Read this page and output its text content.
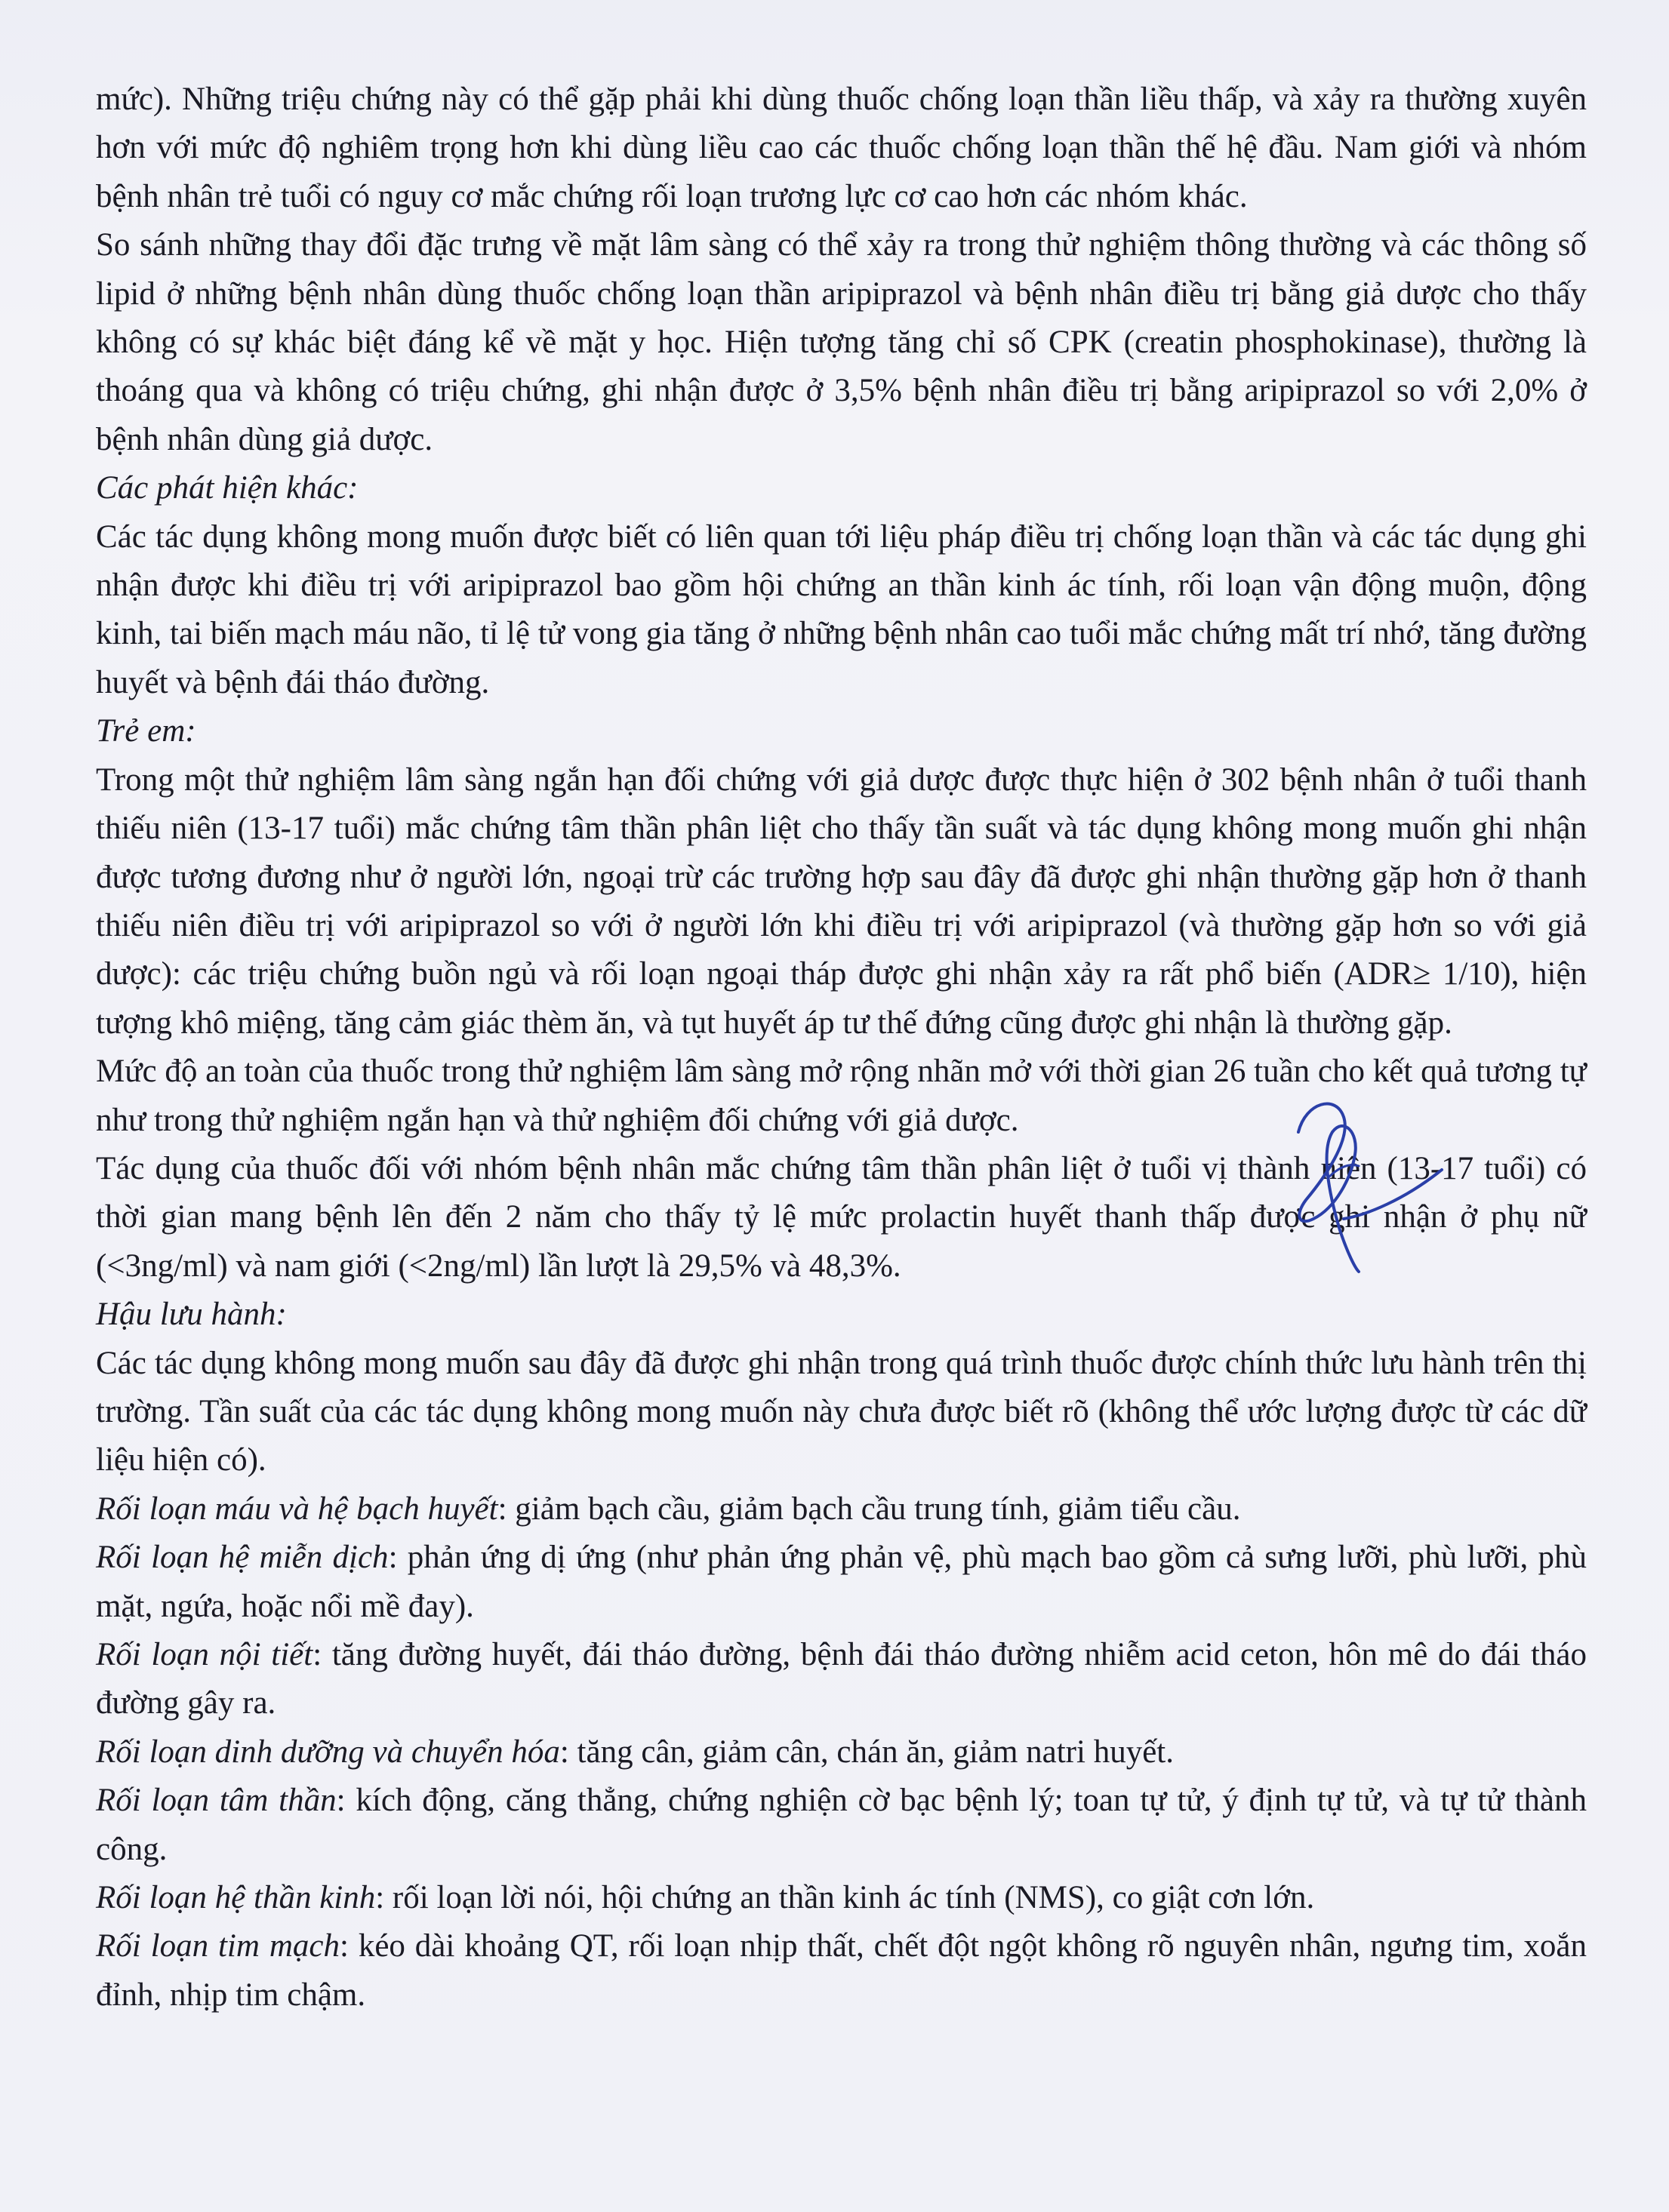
mức). Những triệu chứng này có thể gặp phải khi dùng thuốc chống loạn thần liều thấp, và xảy ra thường xuyên hơn với mức độ nghiêm trọng hơn khi dùng liều cao các thuốc chống loạn thần thế hệ đầu. Nam giới và nhóm bệnh nhân trẻ tuổi có nguy cơ mắc chứng rối loạn trương lực cơ cao hơn các nhóm khác.

So sánh những thay đổi đặc trưng về mặt lâm sàng có thể xảy ra trong thử nghiệm thông thường và các thông số lipid ở những bệnh nhân dùng thuốc chống loạn thần aripiprazol và bệnh nhân điều trị bằng giả dược cho thấy không có sự khác biệt đáng kể về mặt y học. Hiện tượng tăng chỉ số CPK (creatin phosphokinase), thường là thoáng qua và không có triệu chứng, ghi nhận được ở 3,5% bệnh nhân điều trị bằng aripiprazol so với 2,0% ở bệnh nhân dùng giả dược.

Các phát hiện khác:

Các tác dụng không mong muốn được biết có liên quan tới liệu pháp điều trị chống loạn thần và các tác dụng ghi nhận được khi điều trị với aripiprazol bao gồm hội chứng an thần kinh ác tính, rối loạn vận động muộn, động kinh, tai biến mạch máu não, tỉ lệ tử vong gia tăng ở những bệnh nhân cao tuổi mắc chứng mất trí nhớ, tăng đường huyết và bệnh đái tháo đường.

Trẻ em:

Trong một thử nghiệm lâm sàng ngắn hạn đối chứng với giả dược được thực hiện ở 302 bệnh nhân ở tuổi thanh thiếu niên (13-17 tuổi) mắc chứng tâm thần phân liệt cho thấy tần suất và tác dụng không mong muốn ghi nhận được tương đương như ở người lớn, ngoại trừ các trường hợp sau đây đã được ghi nhận thường gặp hơn ở thanh thiếu niên điều trị với aripiprazol so với ở người lớn khi điều trị với aripiprazol (và thường gặp hơn so với giả dược): các triệu chứng buồn ngủ và rối loạn ngoại tháp được ghi nhận xảy ra rất phổ biến (ADR≥ 1/10), hiện tượng khô miệng, tăng cảm giác thèm ăn, và tụt huyết áp tư thế đứng cũng được ghi nhận là thường gặp.

Mức độ an toàn của thuốc trong thử nghiệm lâm sàng mở rộng nhãn mở với thời gian 26 tuần cho kết quả tương tự như trong thử nghiệm ngắn hạn và thử nghiệm đối chứng với giả dược.

Tác dụng của thuốc đối với nhóm bệnh nhân mắc chứng tâm thần phân liệt ở tuổi vị thành niên (13-17 tuổi) có thời gian mang bệnh lên đến 2 năm cho thấy tỷ lệ mức prolactin huyết thanh thấp được ghi nhận ở phụ nữ (<3ng/ml) và nam giới (<2ng/ml) lần lượt là 29,5% và 48,3%.

Hậu lưu hành:

Các tác dụng không mong muốn sau đây đã được ghi nhận trong quá trình thuốc được chính thức lưu hành trên thị trường. Tần suất của các tác dụng không mong muốn này chưa được biết rõ (không thể ước lượng được từ các dữ liệu hiện có).

Rối loạn máu và hệ bạch huyết: giảm bạch cầu, giảm bạch cầu trung tính, giảm tiểu cầu.

Rối loạn hệ miễn dịch: phản ứng dị ứng (như phản ứng phản vệ, phù mạch bao gồm cả sưng lưỡi, phù lưỡi, phù mặt, ngứa, hoặc nổi mề đay).

Rối loạn nội tiết: tăng đường huyết, đái tháo đường, bệnh đái tháo đường nhiễm acid ceton, hôn mê do đái tháo đường gây ra.

Rối loạn dinh dưỡng và chuyển hóa: tăng cân, giảm cân, chán ăn, giảm natri huyết.

Rối loạn tâm thần: kích động, căng thẳng, chứng nghiện cờ bạc bệnh lý; toan tự tử, ý định tự tử, và tự tử thành công.

Rối loạn hệ thần kinh: rối loạn lời nói, hội chứng an thần kinh ác tính (NMS), co giật cơn lớn.

Rối loạn tim mạch: kéo dài khoảng QT, rối loạn nhịp thất, chết đột ngột không rõ nguyên nhân, ngưng tim, xoắn đỉnh, nhịp tim chậm.
